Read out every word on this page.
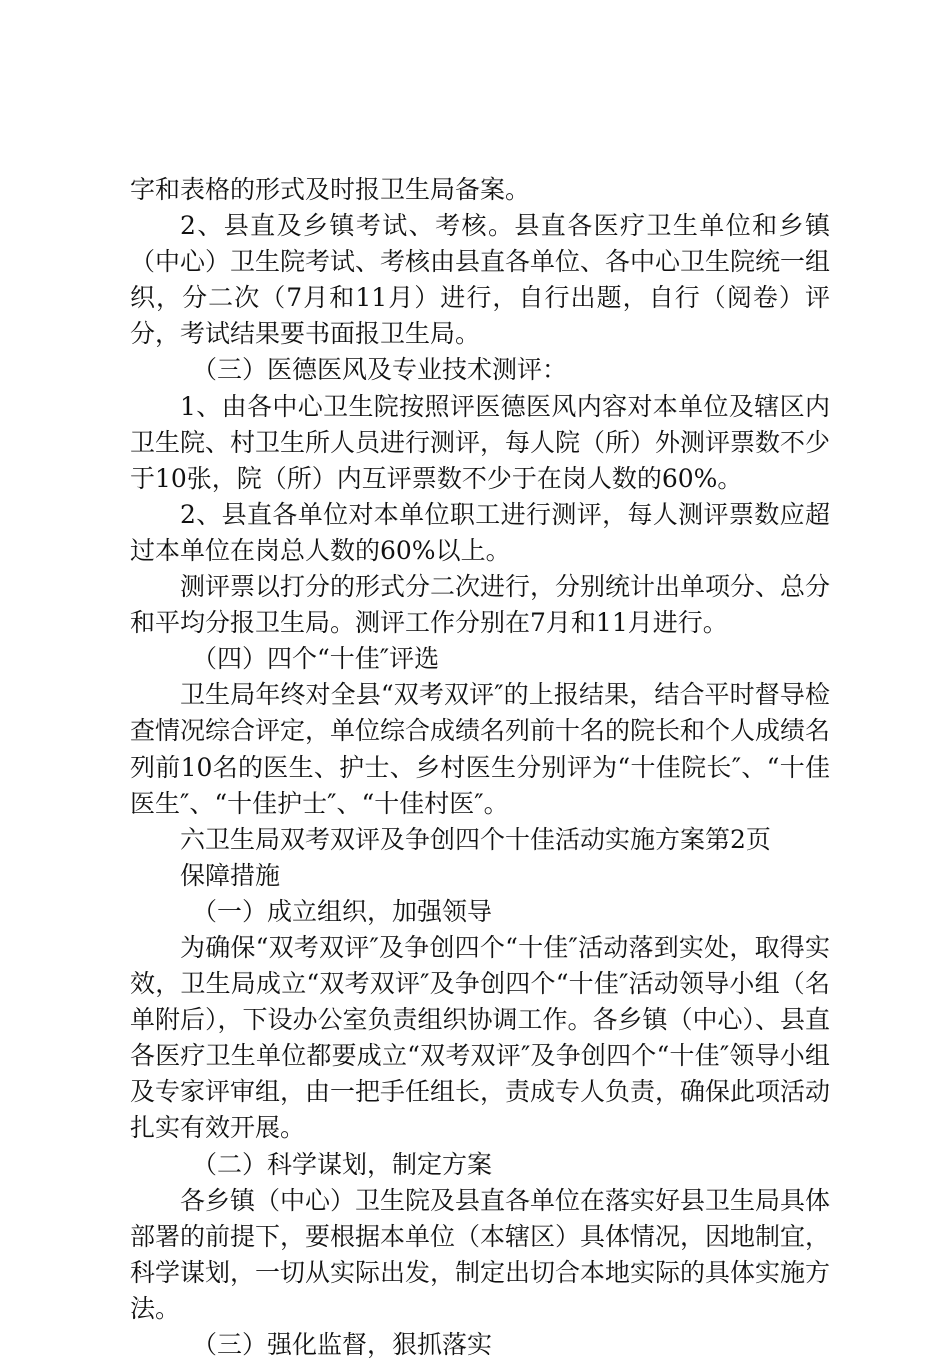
字和表格的形式及时报卫生局备案。

2、县直及乡镇考试、考核。县直各医疗卫生单位和乡镇（中心）卫生院考试、考核由县直各单位、各中心卫生院统一组织，分二次（7月和11月）进行，自行出题，自行（阅卷）评分，考试结果要书面报卫生局。

（三）医德医风及专业技术测评：

1、由各中心卫生院按照评医德医风内容对本单位及辖区内卫生院、村卫生所人员进行测评，每人院（所）外测评票数不少于10张，院（所）内互评票数不少于在岗人数的60%。

2、县直各单位对本单位职工进行测评，每人测评票数应超过本单位在岗总人数的60%以上。

测评票以打分的形式分二次进行，分别统计出单项分、总分和平均分报卫生局。测评工作分别在7月和11月进行。

（四）四个“十佳″评选

卫生局年终对全县“双考双评″的上报结果，结合平时督导检查情况综合评定，单位综合成绩名列前十名的院长和个人成绩名列前10名的医生、护士、乡村医生分别评为“十佳院长″、“十佳医生″、“十佳护士″、“十佳村医″。

六卫生局双考双评及争创四个十佳活动实施方案第2页

保障措施

（一）成立组织，加强领导

为确保“双考双评″及争创四个“十佳″活动落到实处，取得实效，卫生局成立“双考双评″及争创四个“十佳″活动领导小组（名单附后），下设办公室负责组织协调工作。各乡镇（中心）、县直各医疗卫生单位都要成立“双考双评″及争创四个“十佳″领导小组及专家评审组，由一把手任组长，责成专人负责，确保此项活动扎实有效开展。

（二）科学谋划，制定方案

各乡镇（中心）卫生院及县直各单位在落实好县卫生局具体部署的前提下，要根据本单位（本辖区）具体情况，因地制宜，科学谋划，一切从实际出发，制定出切合本地实际的具体实施方法。

（三）强化监督，狠抓落实
